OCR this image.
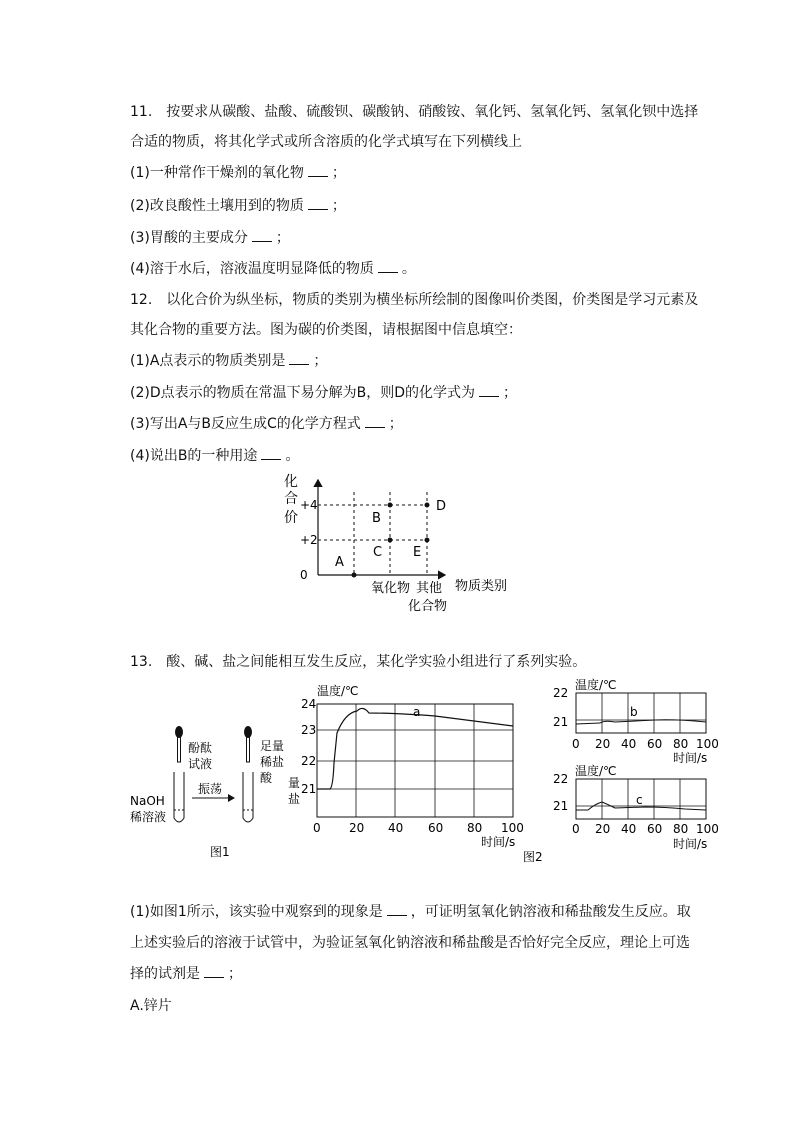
11.　按要求从碳酸、盐酸、硫酸钡、碳酸钠、硝酸铵、氧化钙、氢氧化钙、氢氧化钡中选择
合适的物质，将其化学式或所含溶质的化学式填写在下列横线上
(1)一种常作干燥剂的氧化物 ；
(2)改良酸性土壤用到的物质 ；
(3)胃酸的主要成分 ；
(4)溶于水后，溶液温度明显降低的物质 。
12.　以化合价为纵坐标，物质的类别为横坐标所绘制的图像叫价类图，价类图是学习元素及
其化合物的重要方法。图为碳的价类图，请根据图中信息填空：
(1)A点表示的物质类别是 ；
(2)D点表示的物质在常温下易分解为B，则D的化学式为 ；
(3)写出A与B反应生成C的化学方程式 ；
(4)说出B的一种用途 。
化
合
价
+4
+2
0
A
B
C
D
E
氧化物 其他
化合物
物质类别
13.　酸、碱、盐之间能相互发生反应，某化学实验小组进行了系列实验。
酚酞
试液
NaOH
稀溶液
振荡
足量
稀盐
酸
图1
温度/℃
24
23
22
21
量
盐
0 20 40 60 80 100
时间/s
a
图2
温度/℃
22
21
b
0 20 40 60 80 100
时间/s
温度/℃
22
21	c
0 20 40 60 80 100
时间/s
(1)如图1所示，该实验中观察到的现象是 ，可证明氢氧化钠溶液和稀盐酸发生反应。取
上述实验后的溶液于试管中，为验证氢氧化钠溶液和稀盐酸是否恰好完全反应，理论上可选
择的试剂是 ；
A.锌片
